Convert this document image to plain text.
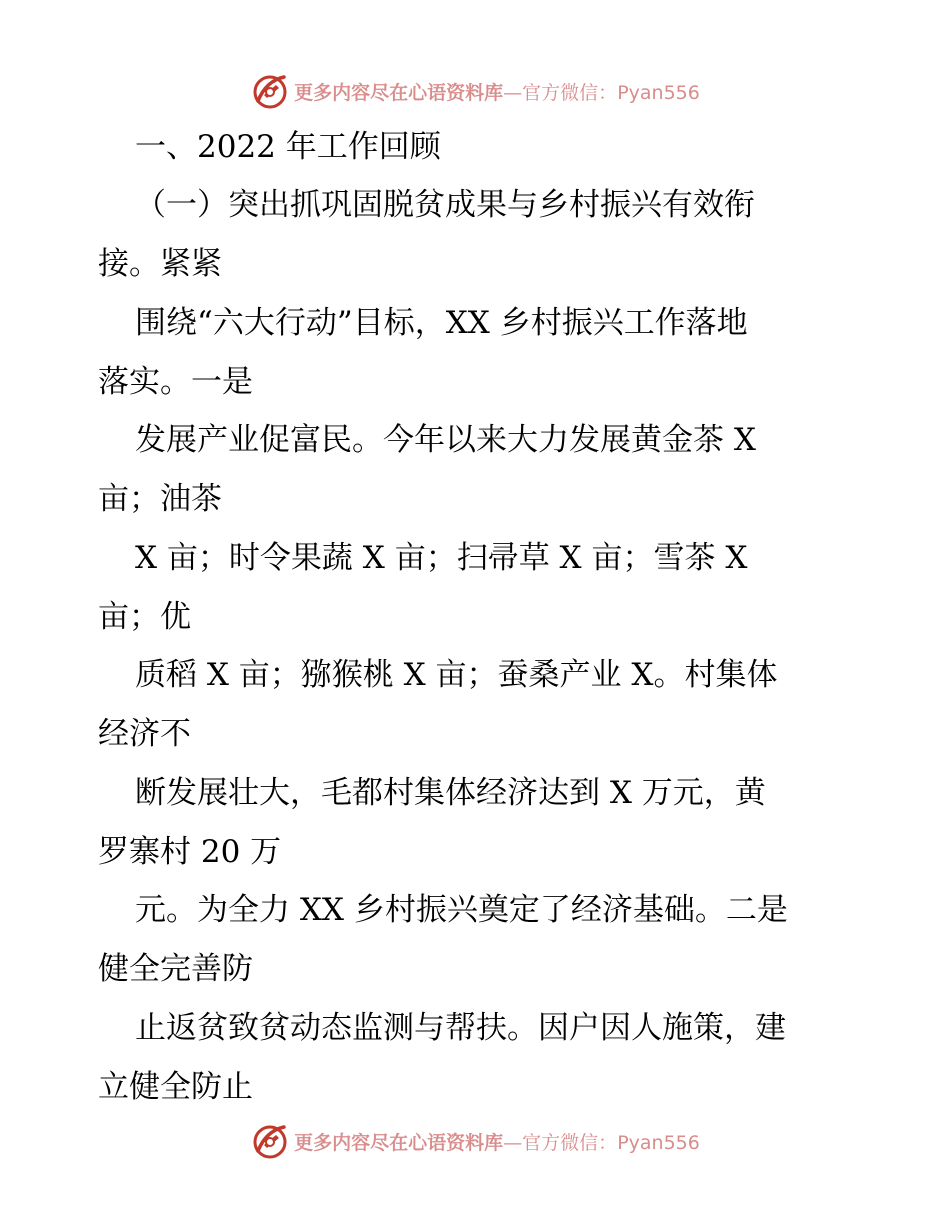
更多内容尽在心语资料库—官方微信：Pyan556
一、2022 年工作回顾
（一）突出抓巩固脱贫成果与乡村振兴有效衔
接。紧紧
围绕“六大行动”目标，XX 乡村振兴工作落地
落实。一是
发展产业促富民。今年以来大力发展黄金茶 X
亩；油茶
X 亩；时令果蔬 X 亩；扫帚草 X 亩；雪茶 X
亩；优
质稻 X 亩；猕猴桃 X 亩；蚕桑产业 X。村集体
经济不
断发展壮大，毛都村集体经济达到 X 万元，黄
罗寨村 20 万
元。为全力 XX 乡村振兴奠定了经济基础。二是
健全完善防
止返贫致贫动态监测与帮扶。因户因人施策，建
立健全防止
更多内容尽在心语资料库—官方微信：Pyan556
